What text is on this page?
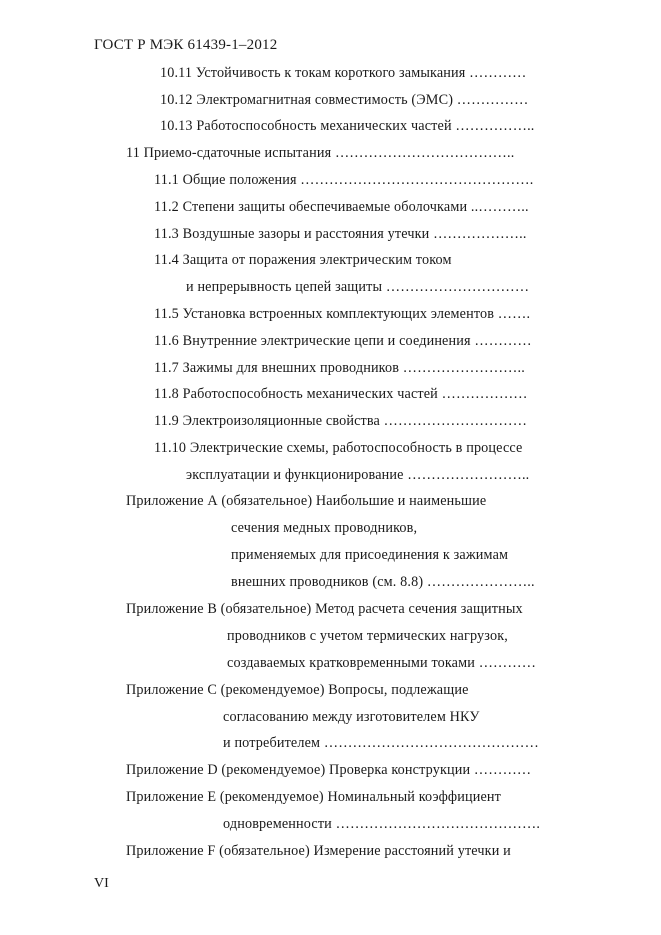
ГОСТ Р МЭК 61439-1–2012
10.11 Устойчивость к токам короткого замыкания …………
10.12 Электромагнитная совместимость (ЭМС) ……………
10.13 Работоспособность механических частей ……………..
11 Приемо-сдаточные испытания ………………………………..
11.1 Общие положения ………………………………………….
11.2 Степени защиты обеспечиваемые оболочками ..………..
11.3 Воздушные зазоры и расстояния утечки ………………..
11.4 Защита от поражения электрическим током
и непрерывность цепей защиты …………………………
11.5 Установка встроенных комплектующих элементов …….
11.6 Внутренние электрические цепи и соединения …………
11.7 Зажимы для внешних проводников ……………………..
11.8 Работоспособность механических частей ………………
11.9 Электроизоляционные свойства …………………………
11.10 Электрические схемы, работоспособность в процессе
эксплуатации и функционирование ……………………..
Приложение А (обязательное) Наибольшие и наименьшие
сечения медных проводников,
применяемых для присоединения к зажимам
внешних проводников (см. 8.8) …………………..
Приложение В (обязательное) Метод расчета сечения защитных
проводников с учетом термических нагрузок,
создаваемых кратковременными токами …………
Приложение С (рекомендуемое) Вопросы, подлежащие
согласованию между изготовителем НКУ
и потребителем ………………………………………
Приложение D (рекомендуемое) Проверка конструкции …………
Приложение Е (рекомендуемое) Номинальный коэффициент
одновременности …………………………………….
Приложение F (обязательное) Измерение расстояний утечки и
VI
